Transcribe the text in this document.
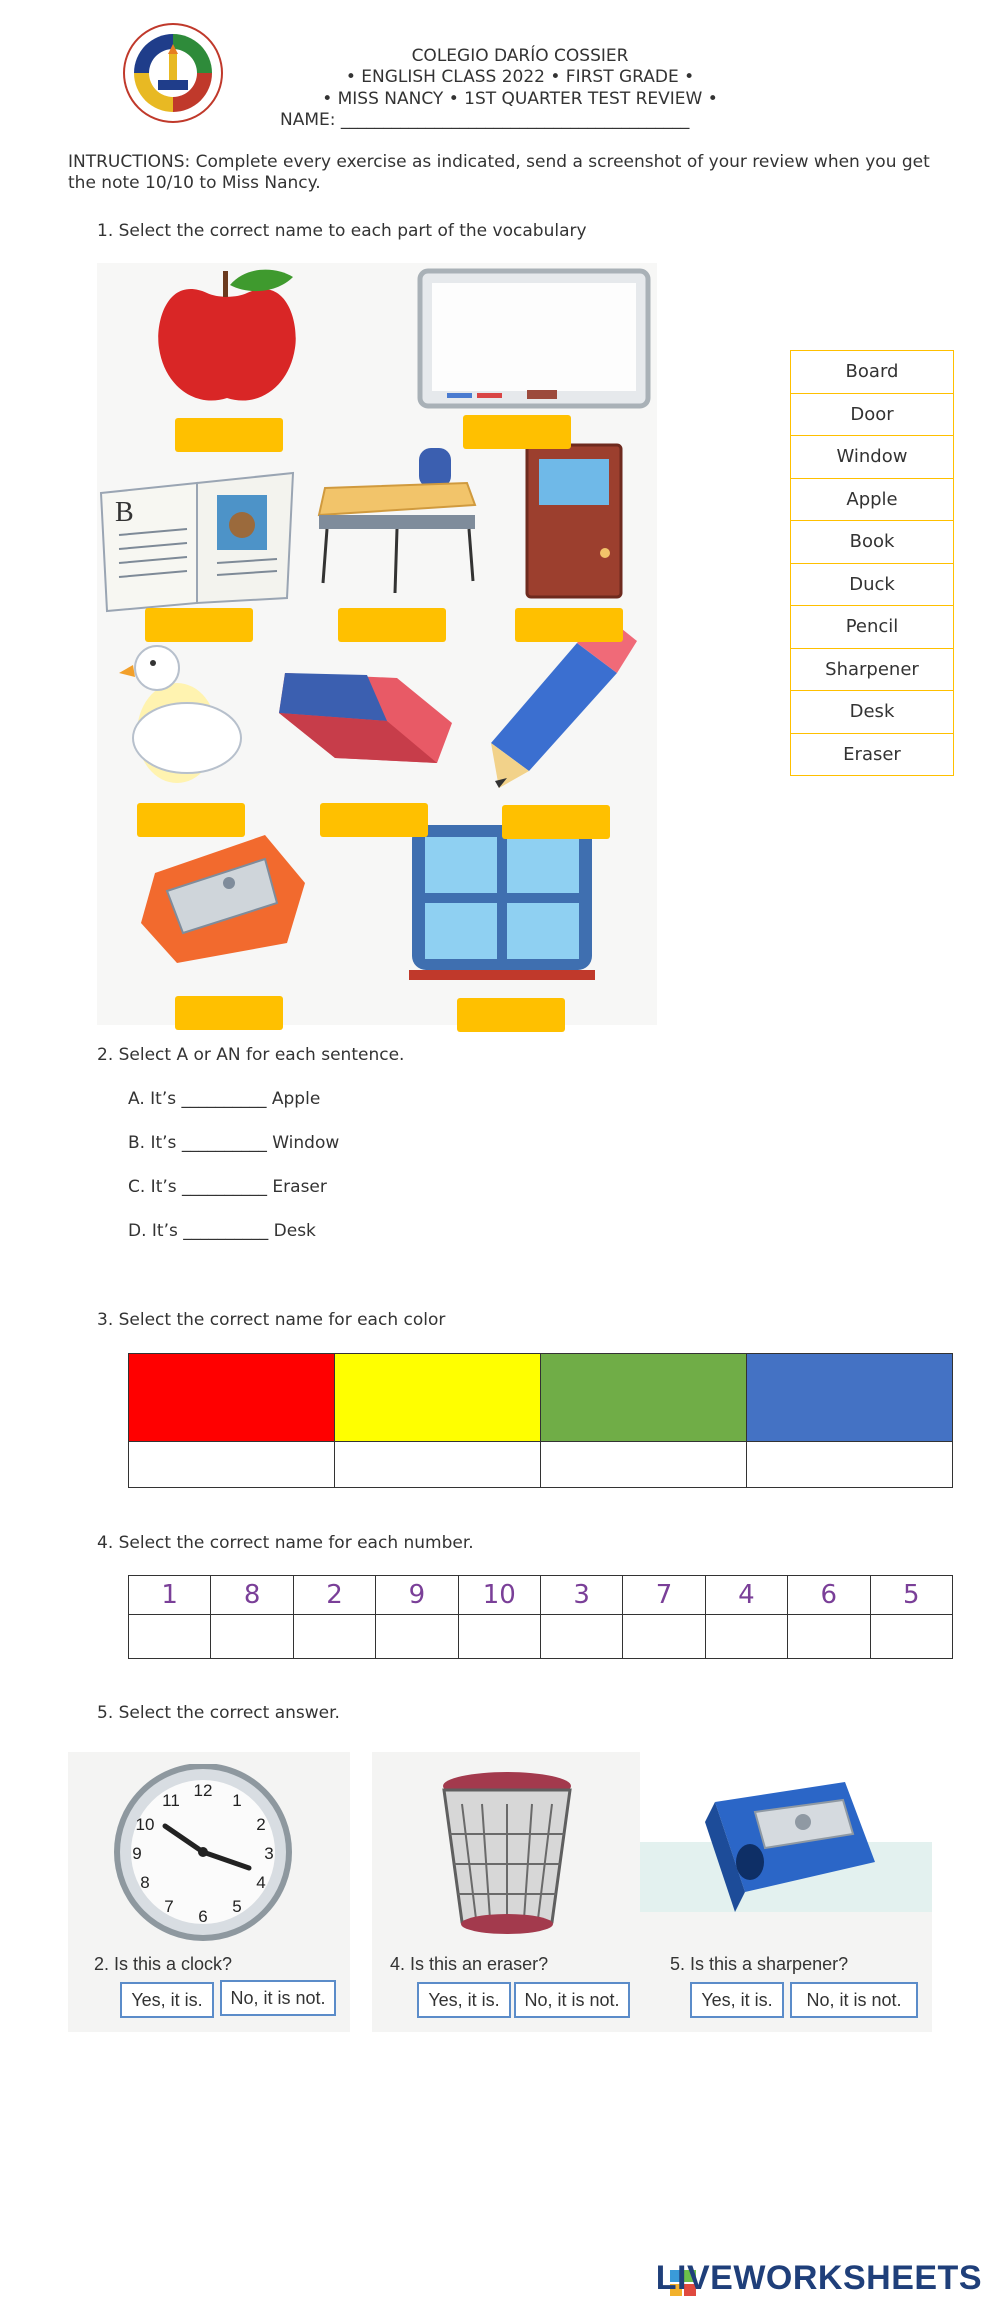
COLEGIO DARÍO COSSIER
• ENGLISH CLASS 2022 • FIRST GRADE •
• MISS NANCY • 1ST QUARTER TEST REVIEW •
NAME: _________________________________________
INTRUCTIONS: Complete every exercise as indicated, send a screenshot of your review when you get the note 10/10 to Miss Nancy.
1. Select the correct name to each part of the vocabulary
B
Board
Door
Window
Apple
Book
Duck
Pencil
Sharpener
Desk
Eraser
2. Select A or AN for each sentence.
A. It’s __________ Apple
B. It’s __________ Window
C. It’s __________ Eraser
D. It’s __________ Desk
3. Select the correct name for each color

4. Select the correct name for each number.
1	8	2	9	10	3	7	4	6	5

5. Select the correct answer.
12
1
2
3
4
5
6
7
8
9
10
11
2. Is this a clock?
Yes, it is.	No, it is not.
4. Is this an eraser?
Yes, it is.	No, it is not.
5. Is this a sharpener?
Yes, it is.	No, it is not.
LIVEWORKSHEETS
